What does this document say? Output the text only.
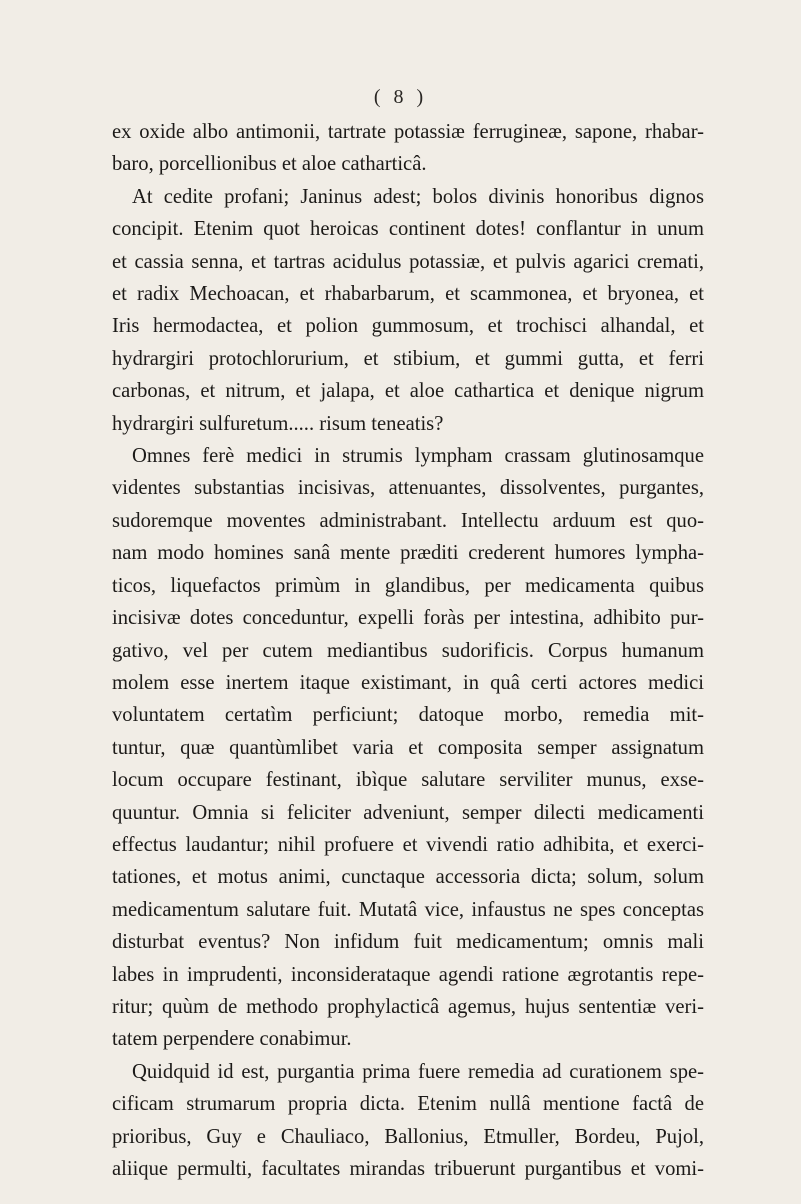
( 8 )

ex oxide albo antimonii, tartrate potassiæ ferrugineæ, sapone, rhabar-

baro, porcellionibus et aloe catharticâ.

At cedite profani; Janinus adest; bolos divinis honoribus dignos

concipit. Etenim quot heroicas continent dotes! conflantur in unum

et cassia senna, et tartras acidulus potassiæ, et pulvis agarici cremati,

et radix Mechoacan, et rhabarbarum, et scammonea, et bryonea, et

Iris hermodactea, et polion gummosum, et trochisci alhandal, et

hydrargiri protochlorurium, et stibium, et gummi gutta, et ferri

carbonas, et nitrum, et jalapa, et aloe cathartica et denique nigrum

hydrargiri sulfuretum..... risum teneatis?

Omnes ferè medici in strumis lympham crassam glutinosamque

videntes substantias incisivas, attenuantes, dissolventes, purgantes,

sudoremque moventes administrabant. Intellectu arduum est quo-

nam modo homines sanâ mente præditi crederent humores lympha-

ticos, liquefactos primùm in glandibus, per medicamenta quibus

incisivæ dotes conceduntur, expelli foràs per intestina, adhibito pur-

gativo, vel per cutem mediantibus sudorificis. Corpus humanum

molem esse inertem itaque existimant, in quâ certi actores medici

voluntatem certatìm perficiunt; datoque morbo, remedia mit-

tuntur, quæ quantùmlibet varia et composita semper assignatum

locum occupare festinant, ibìque salutare serviliter munus, exse-

quuntur. Omnia si feliciter adveniunt, semper dilecti medicamenti

effectus laudantur; nihil profuere et vivendi ratio adhibita, et exerci-

tationes, et motus animi, cunctaque accessoria dicta; solum, solum

medicamentum salutare fuit. Mutatâ vice, infaustus ne spes conceptas

disturbat eventus? Non infidum fuit medicamentum; omnis mali

labes in imprudenti, inconsiderataque agendi ratione ægrotantis repe-

ritur; quùm de methodo prophylacticâ agemus, hujus sententiæ veri-

tatem perpendere conabimur.

Quidquid id est, purgantia prima fuere remedia ad curationem spe-

cificam strumarum propria dicta. Etenim nullâ mentione factâ de

prioribus, Guy e Chauliaco, Ballonius, Etmuller, Bordeu, Pujol,

aliique permulti, facultates mirandas tribuerunt purgantibus et vomi-
